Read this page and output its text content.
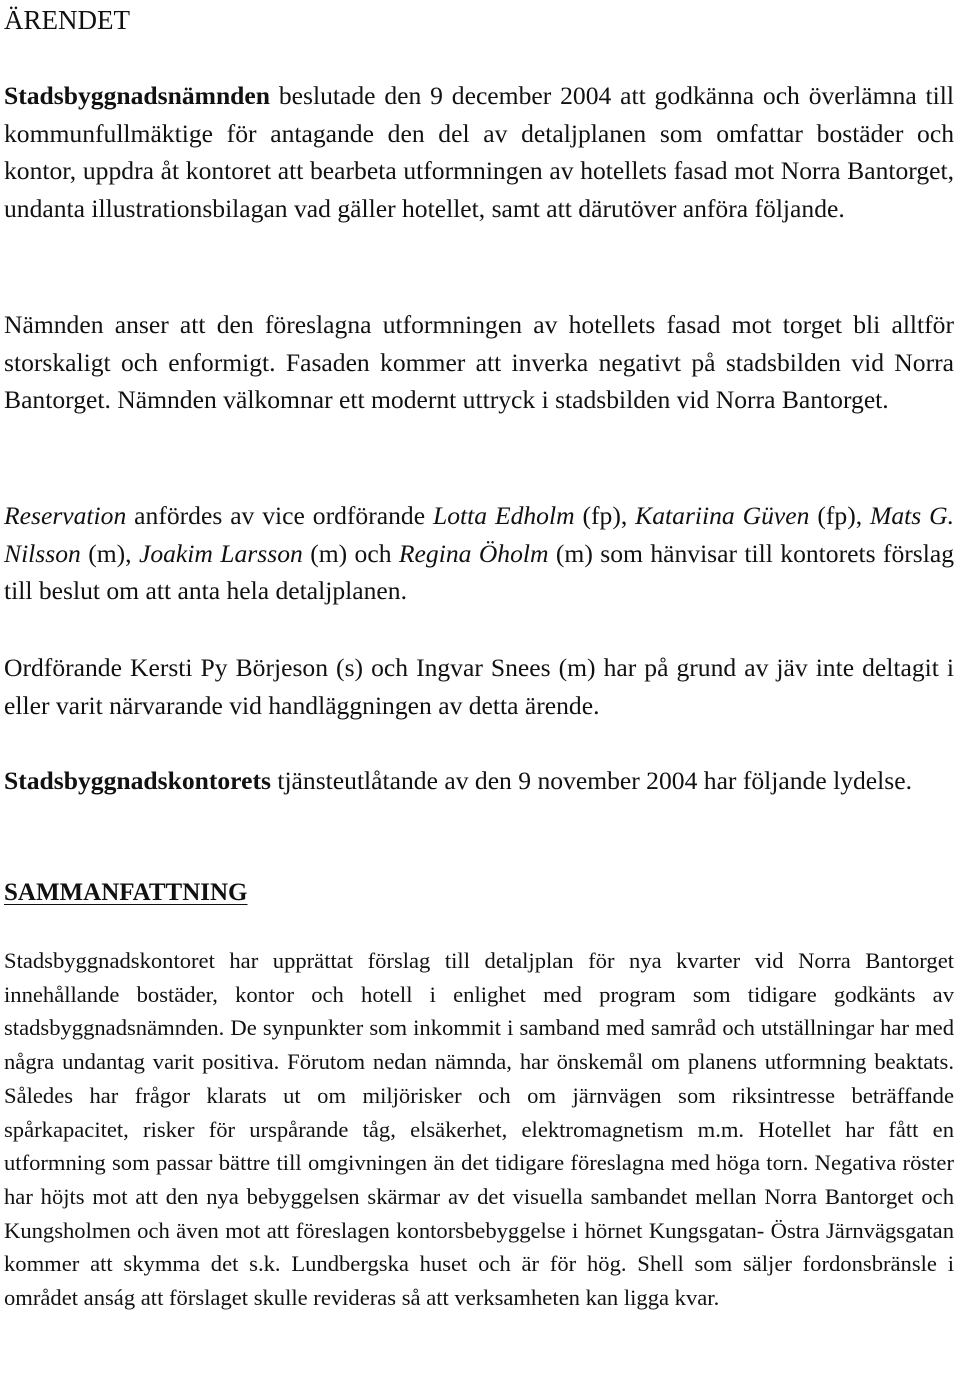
ÄRENDET

Stadsbyggnadsnämnden beslutade den 9 december 2004 att godkänna och överlämna till kommunfullmäktige för antagande den del av detaljplanen som omfattar bostäder och kontor, uppdra åt kontoret att bearbeta utformningen av hotellets fasad mot Norra Bantorget, undanta illustrationsbilagan vad gäller hotellet, samt att därutöver anföra följande.

Nämnden anser att den föreslagna utformningen av hotellets fasad mot torget bli alltför storskaligt och enformigt. Fasaden kommer att inverka negativt på stadsbilden vid Norra Bantorget. Nämnden välkomnar ett modernt uttryck i stadsbilden vid Norra Bantorget.

Reservation anfördes av vice ordförande Lotta Edholm (fp), Katariina Güven (fp), Mats G. Nilsson (m), Joakim Larsson (m) och Regina Öholm (m) som hänvisar till kontorets förslag till beslut om att anta hela detaljplanen.

Ordförande Kersti Py Börjeson (s) och Ingvar Snees (m) har på grund av jäv inte deltagit i eller varit närvarande vid handläggningen av detta ärende.

Stadsbyggnadskontorets tjänsteutlåtande av den 9 november 2004 har följande lydelse.

SAMMANFATTNING

Stadsbyggnadskontoret har upprättat förslag till detaljplan för nya kvarter vid Norra Bantorget innehållande bostäder, kontor och hotell i enlighet med program som tidigare godkänts av stadsbyggnadsnämnden. De synpunkter som inkommit i samband med samråd och utställningar har med några undantag varit positiva. Förutom nedan nämnda, har önskemål om planens utformning beaktats. Således har frågor klarats ut om miljörisker och om järnvägen som riksintresse beträffande spårkapacitet, risker för urspårande tåg, elsäkerhet, elektromagnetism m.m. Hotellet har fått en utformning som passar bättre till omgivningen än det tidigare föreslagna med höga torn. Negativa röster har höjts mot att den nya bebyggelsen skärmar av det visuella sambandet mellan Norra Bantorget och Kungsholmen och även mot att föreslagen kontorsbebyggelse i hörnet Kungsgatan- Östra Järnvägsgatan kommer att skymma det s.k. Lundbergska huset och är för hög. Shell som säljer fordonsbränsle i området anság att förslaget skulle revideras så att verksamheten kan ligga kvar.
